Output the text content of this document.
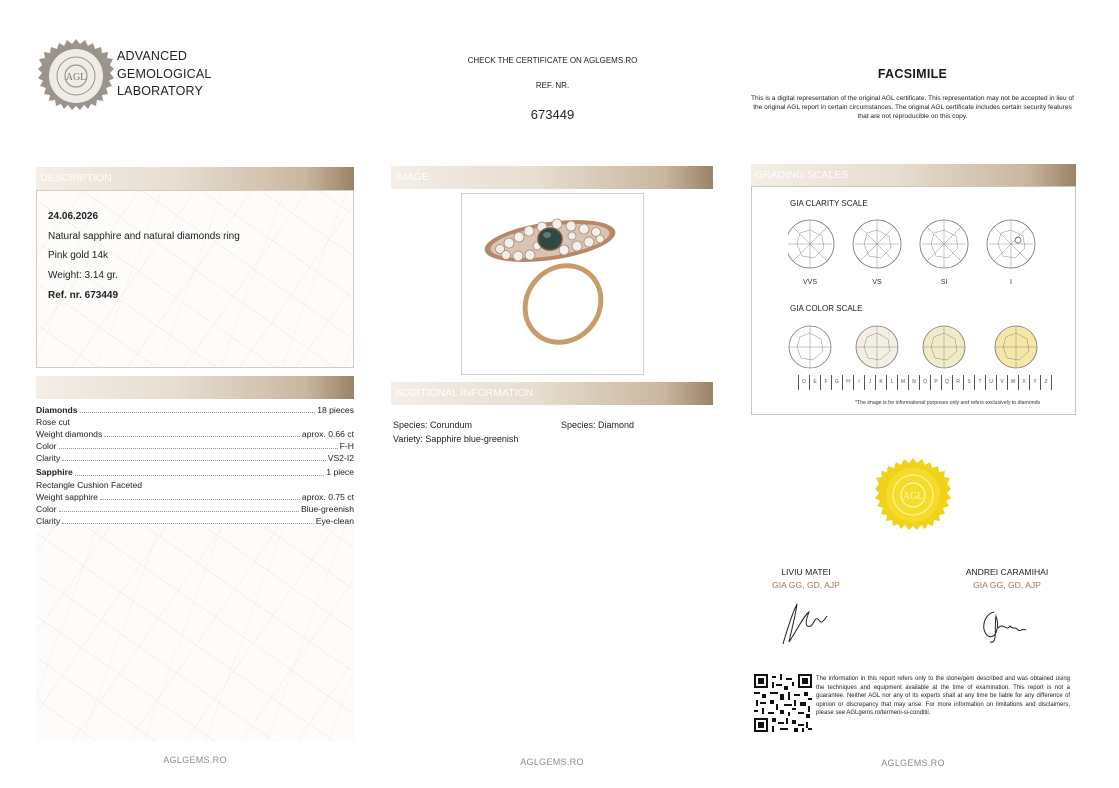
AGL
ADVANCED
GEMOLOGICAL
LABORATORY
CHECK THE CERTIFICATE ON AGLGEMS.RO
REF. NR.
673449
FACSIMILE
This is a digital representation of the original AGL certificate. This representation may not be accepted in lieu of the original AGL report in certain circumstances. The original AGL certificate includes certain security features that are not reproducible on this copy.
DESCRIPTION
24.06.2026
Natural sapphire and natural diamonds ring
Pink gold 14k
Weight: 3.14 gr.
Ref. nr. 673449
Diamonds	18 pieces
Rose cut
Weight diamonds	aprox. 0.66 ct
Color	F-H
Clarity	VS2-I2
Sapphire	1 piece
Rectangle Cushion Faceted
Weight sapphire	aprox. 0.75 ct
Color	Blue-greenish
Clarity	Eye-clean
IMAGE
ADDITIONAL INFORMATION
Species: Corundum
Variety: Sapphire blue-greenish
Species: Diamond
AGLGEMS.RO	AGLGEMS.RO	AGLGEMS.RO
GRADING SCALES
GIA CLARITY SCALE
VVS	VS	SI	I
GIA COLOR SCALE
D	E	F	G	H	I	J	K	L	M	N	O	P	Q	R	S	T	U	V	W	X	Y	Z
*The image is for informational purposes only and refers exclusively to diamonds
AGL
LIVIU MATEI
GIA GG, GD, AJP
ANDREI CARAMIHAI
GIA GG, GD, AJP
The information in this report refers only to the stone/gem described and was obtained using the techniques and equipment available at the time of examination. This report is not a guarantee. Neither AGL nor any of its experts shall at any time be liable for any difference of opinion or discrepancy that may arise. For more information on limitations and disclaimers, please see AGLgems.ro/termeni-si-conditii.
